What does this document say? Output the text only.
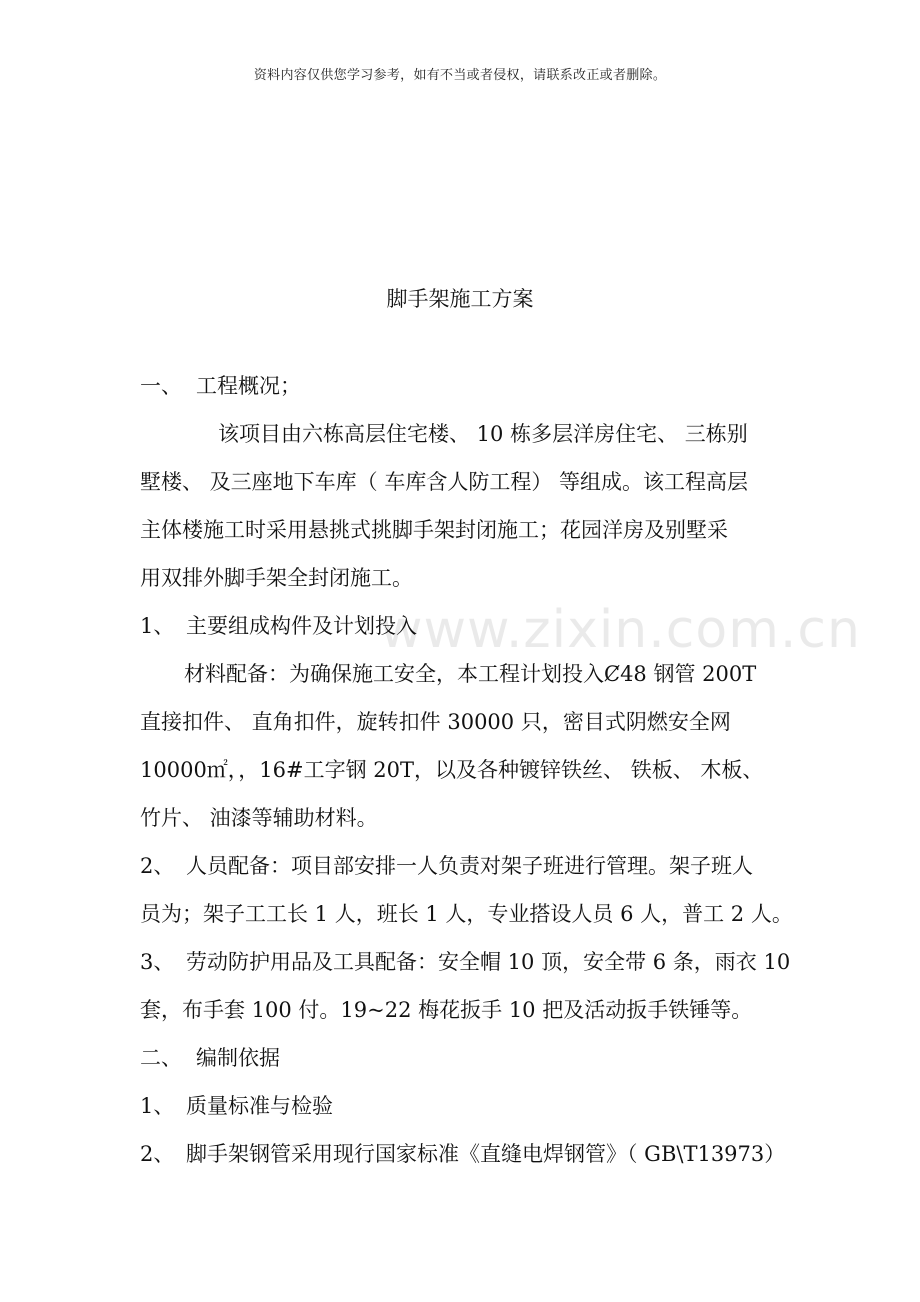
资料内容仅供您学习参考，如有不当或者侵权，请联系改正或者删除。
脚手架施工方案
www.zixin.com.cn
一、 工程概况；
该项目由六栋高层住宅楼、 10 栋多层洋房住宅、 三栋别
墅楼、 及三座地下车库（ 车库含人防工程） 等组成。该工程高层
主体楼施工时采用悬挑式挑脚手架封闭施工；花园洋房及别墅采
用双排外脚手架全封闭施工。
1、 主要组成构件及计划投入
材料配备：为确保施工安全，本工程计划投入Ȼ48 钢管 200T
直接扣件、 直角扣件，旋转扣件 30000 只，密目式阴燃安全网
10000㎡，，16#工字钢 20T，以及各种镀锌铁丝、 铁板、 木板、
竹片、 油漆等辅助材料。
2、 人员配备：项目部安排一人负责对架子班进行管理。架子班人
员为；架子工工长 1 人，班长 1 人，专业搭设人员 6 人，普工 2 人。
3、 劳动防护用品及工具配备：安全帽 10 顶，安全带 6 条，雨衣 10
套，布手套 100 付。19~22 梅花扳手 10 把及活动扳手铁锤等。
二、 编制依据
1、 质量标准与检验
2、 脚手架钢管采用现行国家标准《直缝电焊钢管》（ GB\T13973）
